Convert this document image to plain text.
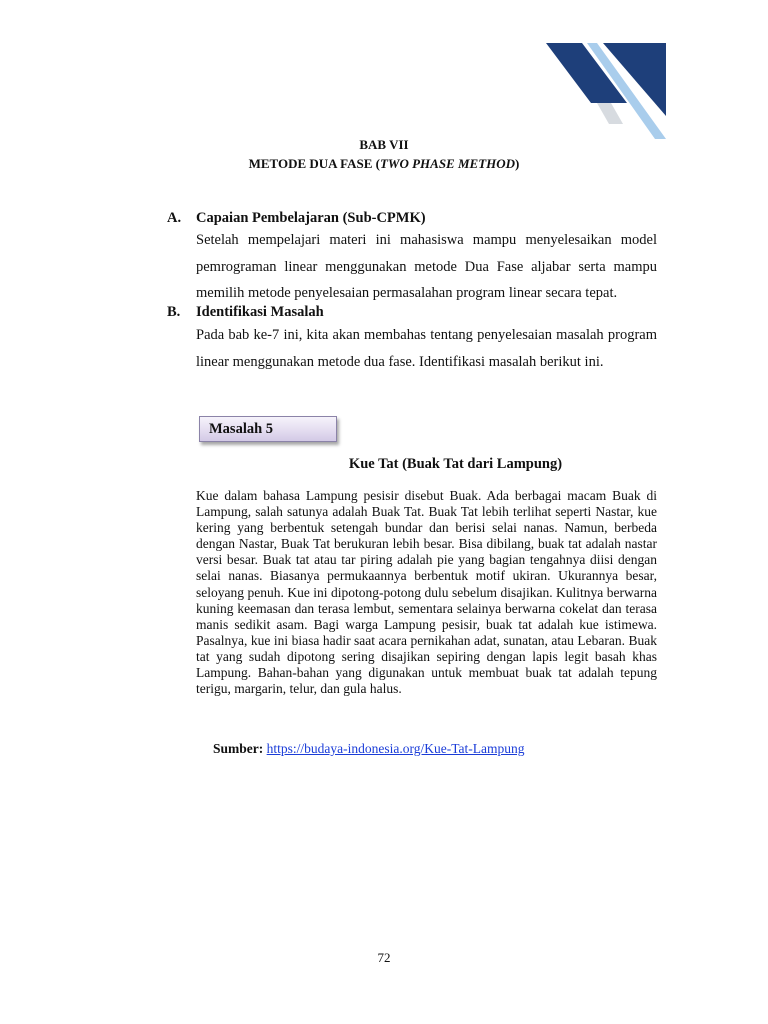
BAB VII
METODE DUA FASE (TWO PHASE METHOD)
A. Capaian Pembelajaran (Sub-CPMK)

Setelah mempelajari materi ini mahasiswa mampu menyelesaikan model pemrograman linear menggunakan metode Dua Fase aljabar serta mampu memilih metode penyelesaian permasalahan program linear secara tepat.

B. Identifikasi Masalah

Pada bab ke-7 ini, kita akan membahas tentang penyelesaian masalah program linear menggunakan metode dua fase. Identifikasi masalah berikut ini.

Masalah 5
Kue Tat (Buak Tat dari Lampung)

Kue dalam bahasa Lampung pesisir disebut Buak. Ada berbagai macam Buak di Lampung, salah satunya adalah Buak Tat. Buak Tat lebih terlihat seperti Nastar, kue kering yang berbentuk setengah bundar dan berisi selai nanas. Namun, berbeda dengan Nastar, Buak Tat berukuran lebih besar. Bisa dibilang, buak tat adalah nastar versi besar. Buak tat atau tar piring adalah pie yang bagian tengahnya diisi dengan selai nanas. Biasanya permukaannya berbentuk motif ukiran. Ukurannya besar, seloyang penuh. Kue ini dipotong-potong dulu sebelum disajikan. Kulitnya berwarna kuning keemasan dan terasa lembut, sementara selainya berwarna cokelat dan terasa manis sedikit asam. Bagi warga Lampung pesisir, buak tat adalah kue istimewa. Pasalnya, kue ini biasa hadir saat acara pernikahan adat, sunatan, atau Lebaran. Buak tat yang sudah dipotong sering disajikan sepiring dengan lapis legit basah khas Lampung. Bahan-bahan yang digunakan untuk membuat buak tat adalah tepung terigu, margarin, telur, dan gula halus.

Sumber: https://budaya-indonesia.org/Kue-Tat-Lampung
72
